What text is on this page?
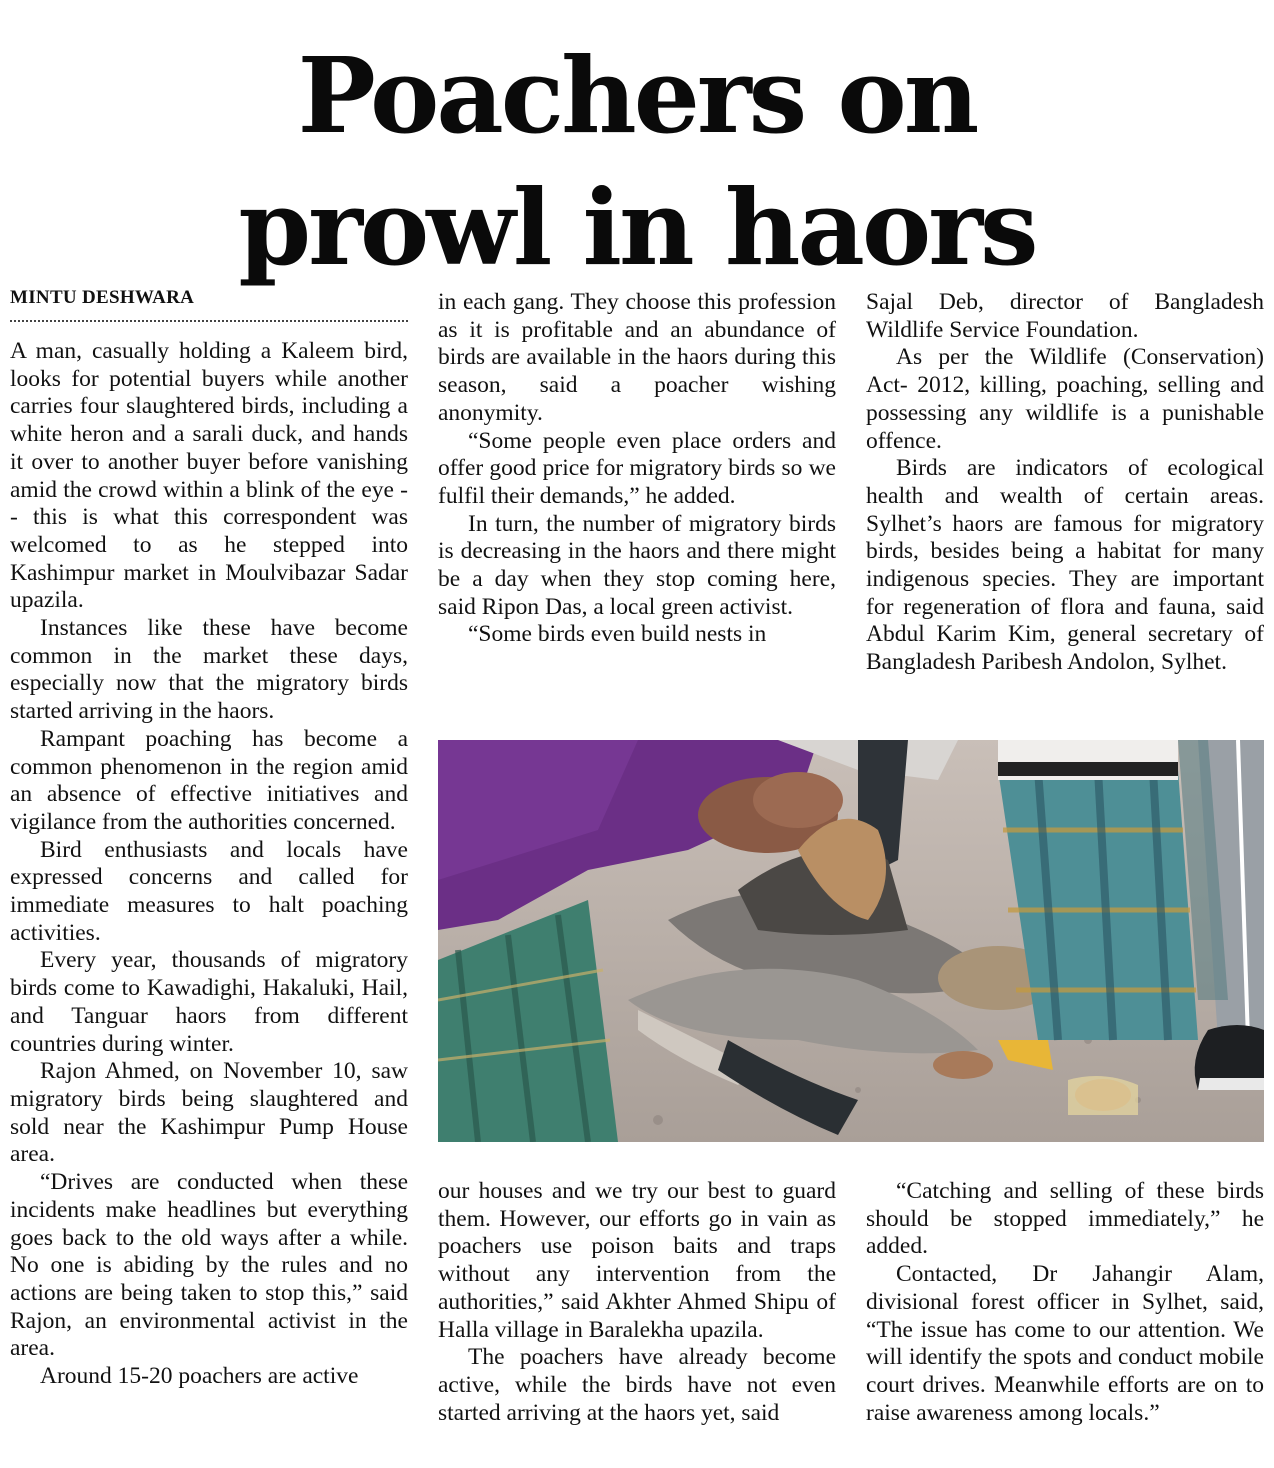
Poachers on
prowl in haors
MINTU DESHWARA

A man, casually holding a Kaleem bird, looks for potential buyers while another carries four slaughtered birds, including a white heron and a sarali duck, and hands it over to another buyer before vanishing amid the crowd within a blink of the eye -- this is what this correspondent was welcomed to as he stepped into Kashimpur market in Moulvibazar Sadar upazila.

Instances like these have become common in the market these days, especially now that the migratory birds started arriving in the haors.

Rampant poaching has become a common phenomenon in the region amid an absence of effective initiatives and vigilance from the authorities concerned.

Bird enthusiasts and locals have expressed concerns and called for immediate measures to halt poaching activities.

Every year, thousands of migratory birds come to Kawadighi, Hakaluki, Hail, and Tanguar haors from different countries during winter.

Rajon Ahmed, on November 10, saw migratory birds being slaughtered and sold near the Kashimpur Pump House area.

“Drives are conducted when these incidents make headlines but everything goes back to the old ways after a while. No one is abiding by the rules and no actions are being taken to stop this,” said Rajon, an environmental activist in the area.

Around 15-20 poachers are active

in each gang. They choose this profession as it is profitable and an abundance of birds are available in the haors during this season, said a poacher wishing anonymity.

“Some people even place orders and offer good price for migratory birds so we fulfil their demands,” he added.

In turn, the number of migratory birds is decreasing in the haors and there might be a day when they stop coming here, said Ripon Das, a local green activist.

“Some birds even build nests in

Sajal Deb, director of Bangladesh Wildlife Service Foundation.

As per the Wildlife (Conservation) Act- 2012, killing, poaching, selling and possessing any wildlife is a punishable offence.

Birds are indicators of ecological health and wealth of certain areas. Sylhet’s haors are famous for migratory birds, besides being a habitat for many indigenous species. They are important for regeneration of flora and fauna, said Abdul Karim Kim, general secretary of Bangladesh Paribesh Andolon, Sylhet.

our houses and we try our best to guard them. However, our efforts go in vain as poachers use poison baits and traps without any intervention from the authorities,” said Akhter Ahmed Shipu of Halla village in Baralekha upazila.

The poachers have already become active, while the birds have not even started arriving at the haors yet, said

“Catching and selling of these birds should be stopped immediately,” he added.

Contacted, Dr Jahangir Alam, divisional forest officer in Sylhet, said, “The issue has come to our attention. We will identify the spots and conduct mobile court drives. Meanwhile efforts are on to raise awareness among locals.”
